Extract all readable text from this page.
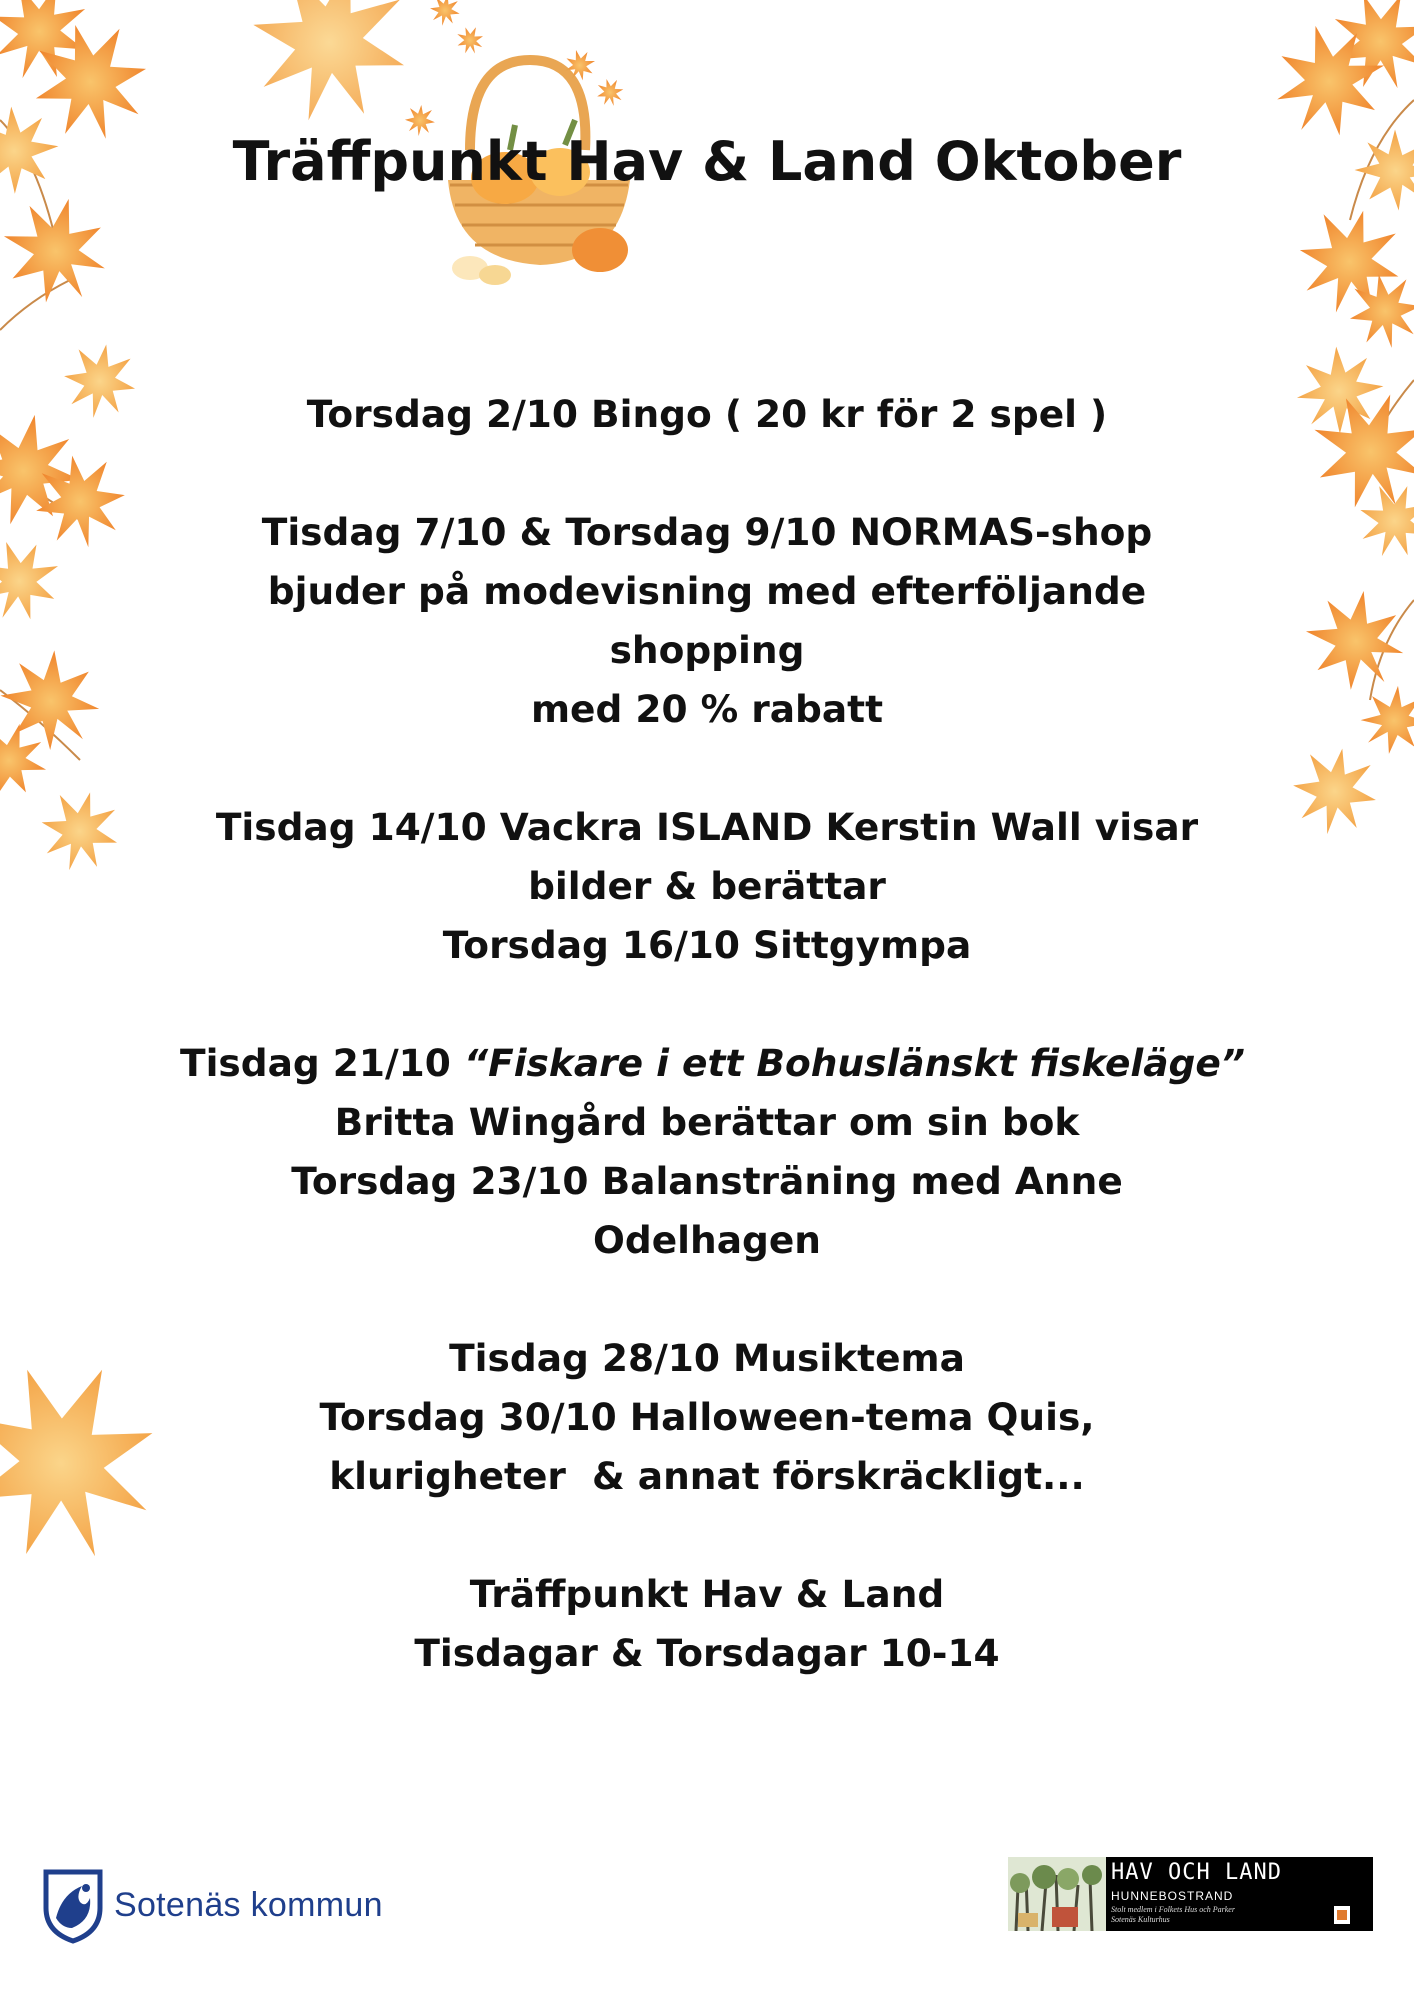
Träffpunkt Hav & Land Oktober
Torsdag 2/10 Bingo ( 20 kr för 2 spel )
Tisdag 7/10 & Torsdag 9/10 NORMAS-shop
bjuder på modevisning med efterföljande
shopping
med 20 % rabatt
Tisdag 14/10 Vackra ISLAND Kerstin Wall visar
bilder & berättar
Torsdag 16/10 Sittgympa
Tisdag 21/10 “Fiskare i ett Bohuslänskt fiskeläge”
Britta Wingård berättar om sin bok
Torsdag 23/10 Balansträning med Anne
Odelhagen
Tisdag 28/10 Musiktema
Torsdag 30/10 Halloween-tema Quis,
klurigheter  & annat förskräckligt...
Träffpunkt Hav & Land
Tisdagar & Torsdagar 10-14
Sotenäs kommun
HAV OCH LAND
HUNNEBOSTRAND
Stolt medlem i Folkets Hus och Parker
Sotenäs Kulturhus
